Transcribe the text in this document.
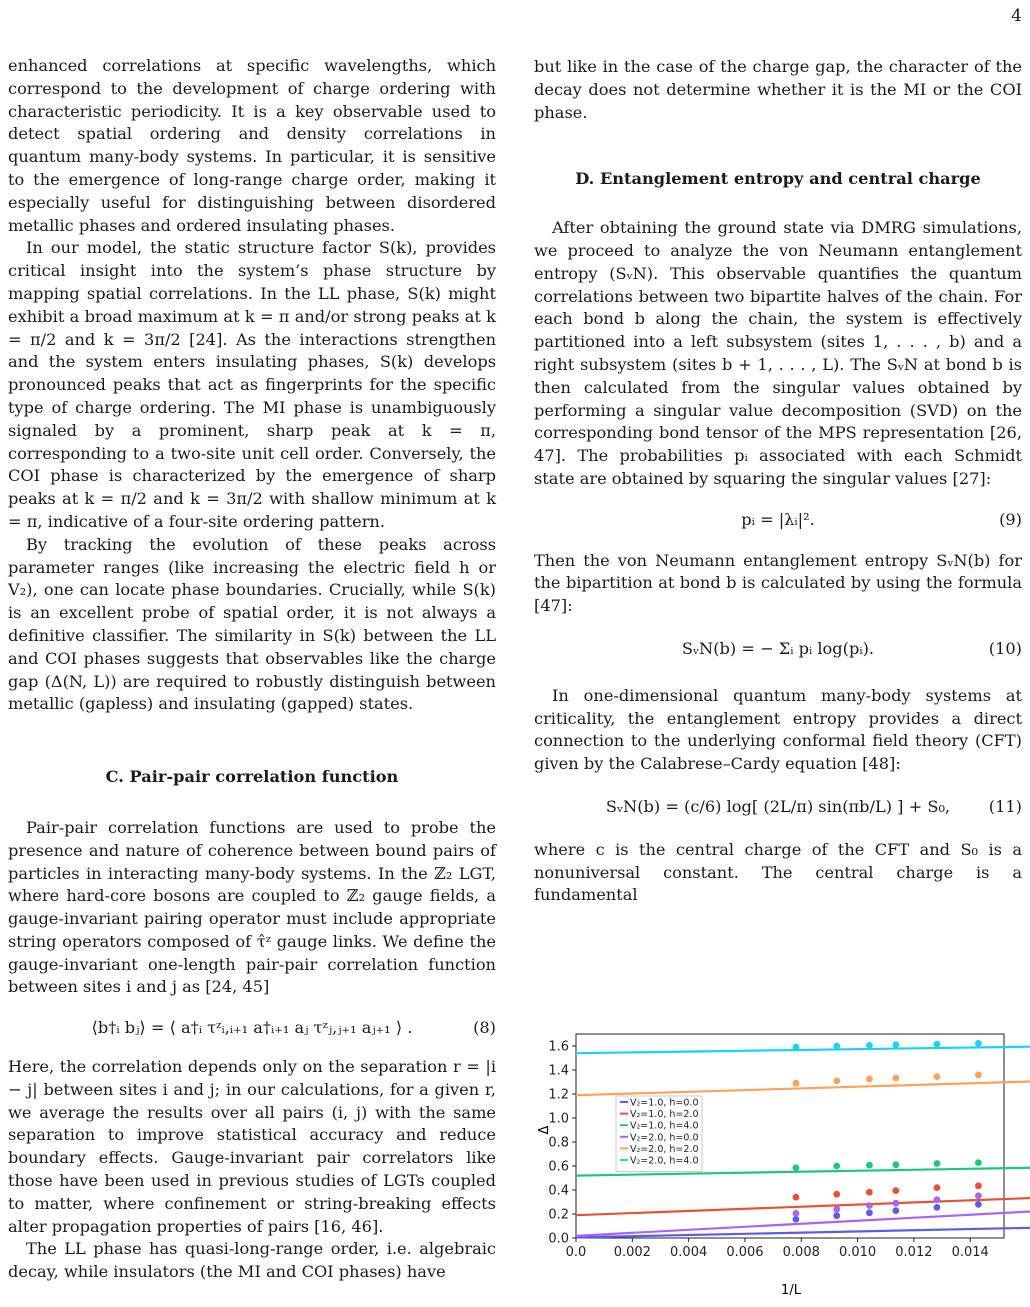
4

enhanced correlations at specific wavelengths, which correspond to the development of charge ordering with characteristic periodicity. It is a key observable used to detect spatial ordering and density correlations in quantum many-body systems. In particular, it is sensitive to the emergence of long-range charge order, making it especially useful for distinguishing between disordered metallic phases and ordered insulating phases.

In our model, the static structure factor S(k), provides critical insight into the system’s phase structure by mapping spatial correlations. In the LL phase, S(k) might exhibit a broad maximum at k = π and/or strong peaks at k = π/2 and k = 3π/2 [24]. As the interactions strengthen and the system enters insulating phases, S(k) develops pronounced peaks that act as fingerprints for the specific type of charge ordering. The MI phase is unambiguously signaled by a prominent, sharp peak at k = π, corresponding to a two-site unit cell order. Conversely, the COI phase is characterized by the emergence of sharp peaks at k = π/2 and k = 3π/2 with shallow minimum at k = π, indicative of a four-site ordering pattern.

By tracking the evolution of these peaks across parameter ranges (like increasing the electric field h or V₂), one can locate phase boundaries. Crucially, while S(k) is an excellent probe of spatial order, it is not always a definitive classifier. The similarity in S(k) between the LL and COI phases suggests that observables like the charge gap (Δ(N, L)) are required to robustly distinguish between metallic (gapless) and insulating (gapped) states.

C. Pair-pair correlation function

Pair-pair correlation functions are used to probe the presence and nature of coherence between bound pairs of particles in interacting many-body systems. In the ℤ₂ LGT, where hard-core bosons are coupled to ℤ₂ gauge fields, a gauge-invariant pairing operator must include appropriate string operators composed of τ̂ᶻ gauge links. We define the gauge-invariant one-length pair-pair correlation function between sites i and j as [24, 45]

⟨b†ᵢ bⱼ⟩ = ⟨ a†ᵢ τᶻᵢ,ᵢ₊₁ a†ᵢ₊₁ aⱼ τᶻⱼ,ⱼ₊₁ aⱼ₊₁ ⟩ .	(8)

Here, the correlation depends only on the separation r = |i − j| between sites i and j; in our calculations, for a given r, we average the results over all pairs (i, j) with the same separation to improve statistical accuracy and reduce boundary effects. Gauge-invariant pair correlators like those have been used in previous studies of LGTs coupled to matter, where confinement or string-breaking effects alter propagation properties of pairs [16, 46].

The LL phase has quasi-long-range order, i.e. algebraic decay, while insulators (the MI and COI phases) have

but like in the case of the charge gap, the character of the decay does not determine whether it is the MI or the COI phase.

D. Entanglement entropy and central charge

After obtaining the ground state via DMRG simulations, we proceed to analyze the von Neumann entanglement entropy (SᵥN). This observable quantifies the quantum correlations between two bipartite halves of the chain. For each bond b along the chain, the system is effectively partitioned into a left subsystem (sites 1, . . . , b) and a right subsystem (sites b + 1, . . . , L). The SᵥN at bond b is then calculated from the singular values obtained by performing a singular value decomposition (SVD) on the corresponding bond tensor of the MPS representation [26, 47]. The probabilities pᵢ associated with each Schmidt state are obtained by squaring the singular values [27]:

pᵢ = |λᵢ|².	(9)

Then the von Neumann entanglement entropy SᵥN(b) for the bipartition at bond b is calculated by using the formula [47]:

SᵥN(b) = − Σᵢ pᵢ log(pᵢ).	(10)

In one-dimensional quantum many-body systems at criticality, the entanglement entropy provides a direct connection to the underlying conformal field theory (CFT) given by the Calabrese–Cardy equation [48]:

SᵥN(b) = (c/6) log[ (2L/π) sin(πb/L) ] + S₀, (11)

where c is the central charge of the CFT and S₀ is a nonuniversal constant. The central charge is a fundamental

0.0 0.002 0.004 0.006 0.008 0.010 0.012 0.014
0.0
0.2
0.4
0.6
0.8
1.0
1.2
1.4
1.6
1/L
Δ
V₂=1.0, h=0.0
V₂=1.0, h=2.0
V₂=1.0, h=4.0
V₂=2.0, h=0.0
V₂=2.0, h=2.0
V₂=2.0, h=4.0
